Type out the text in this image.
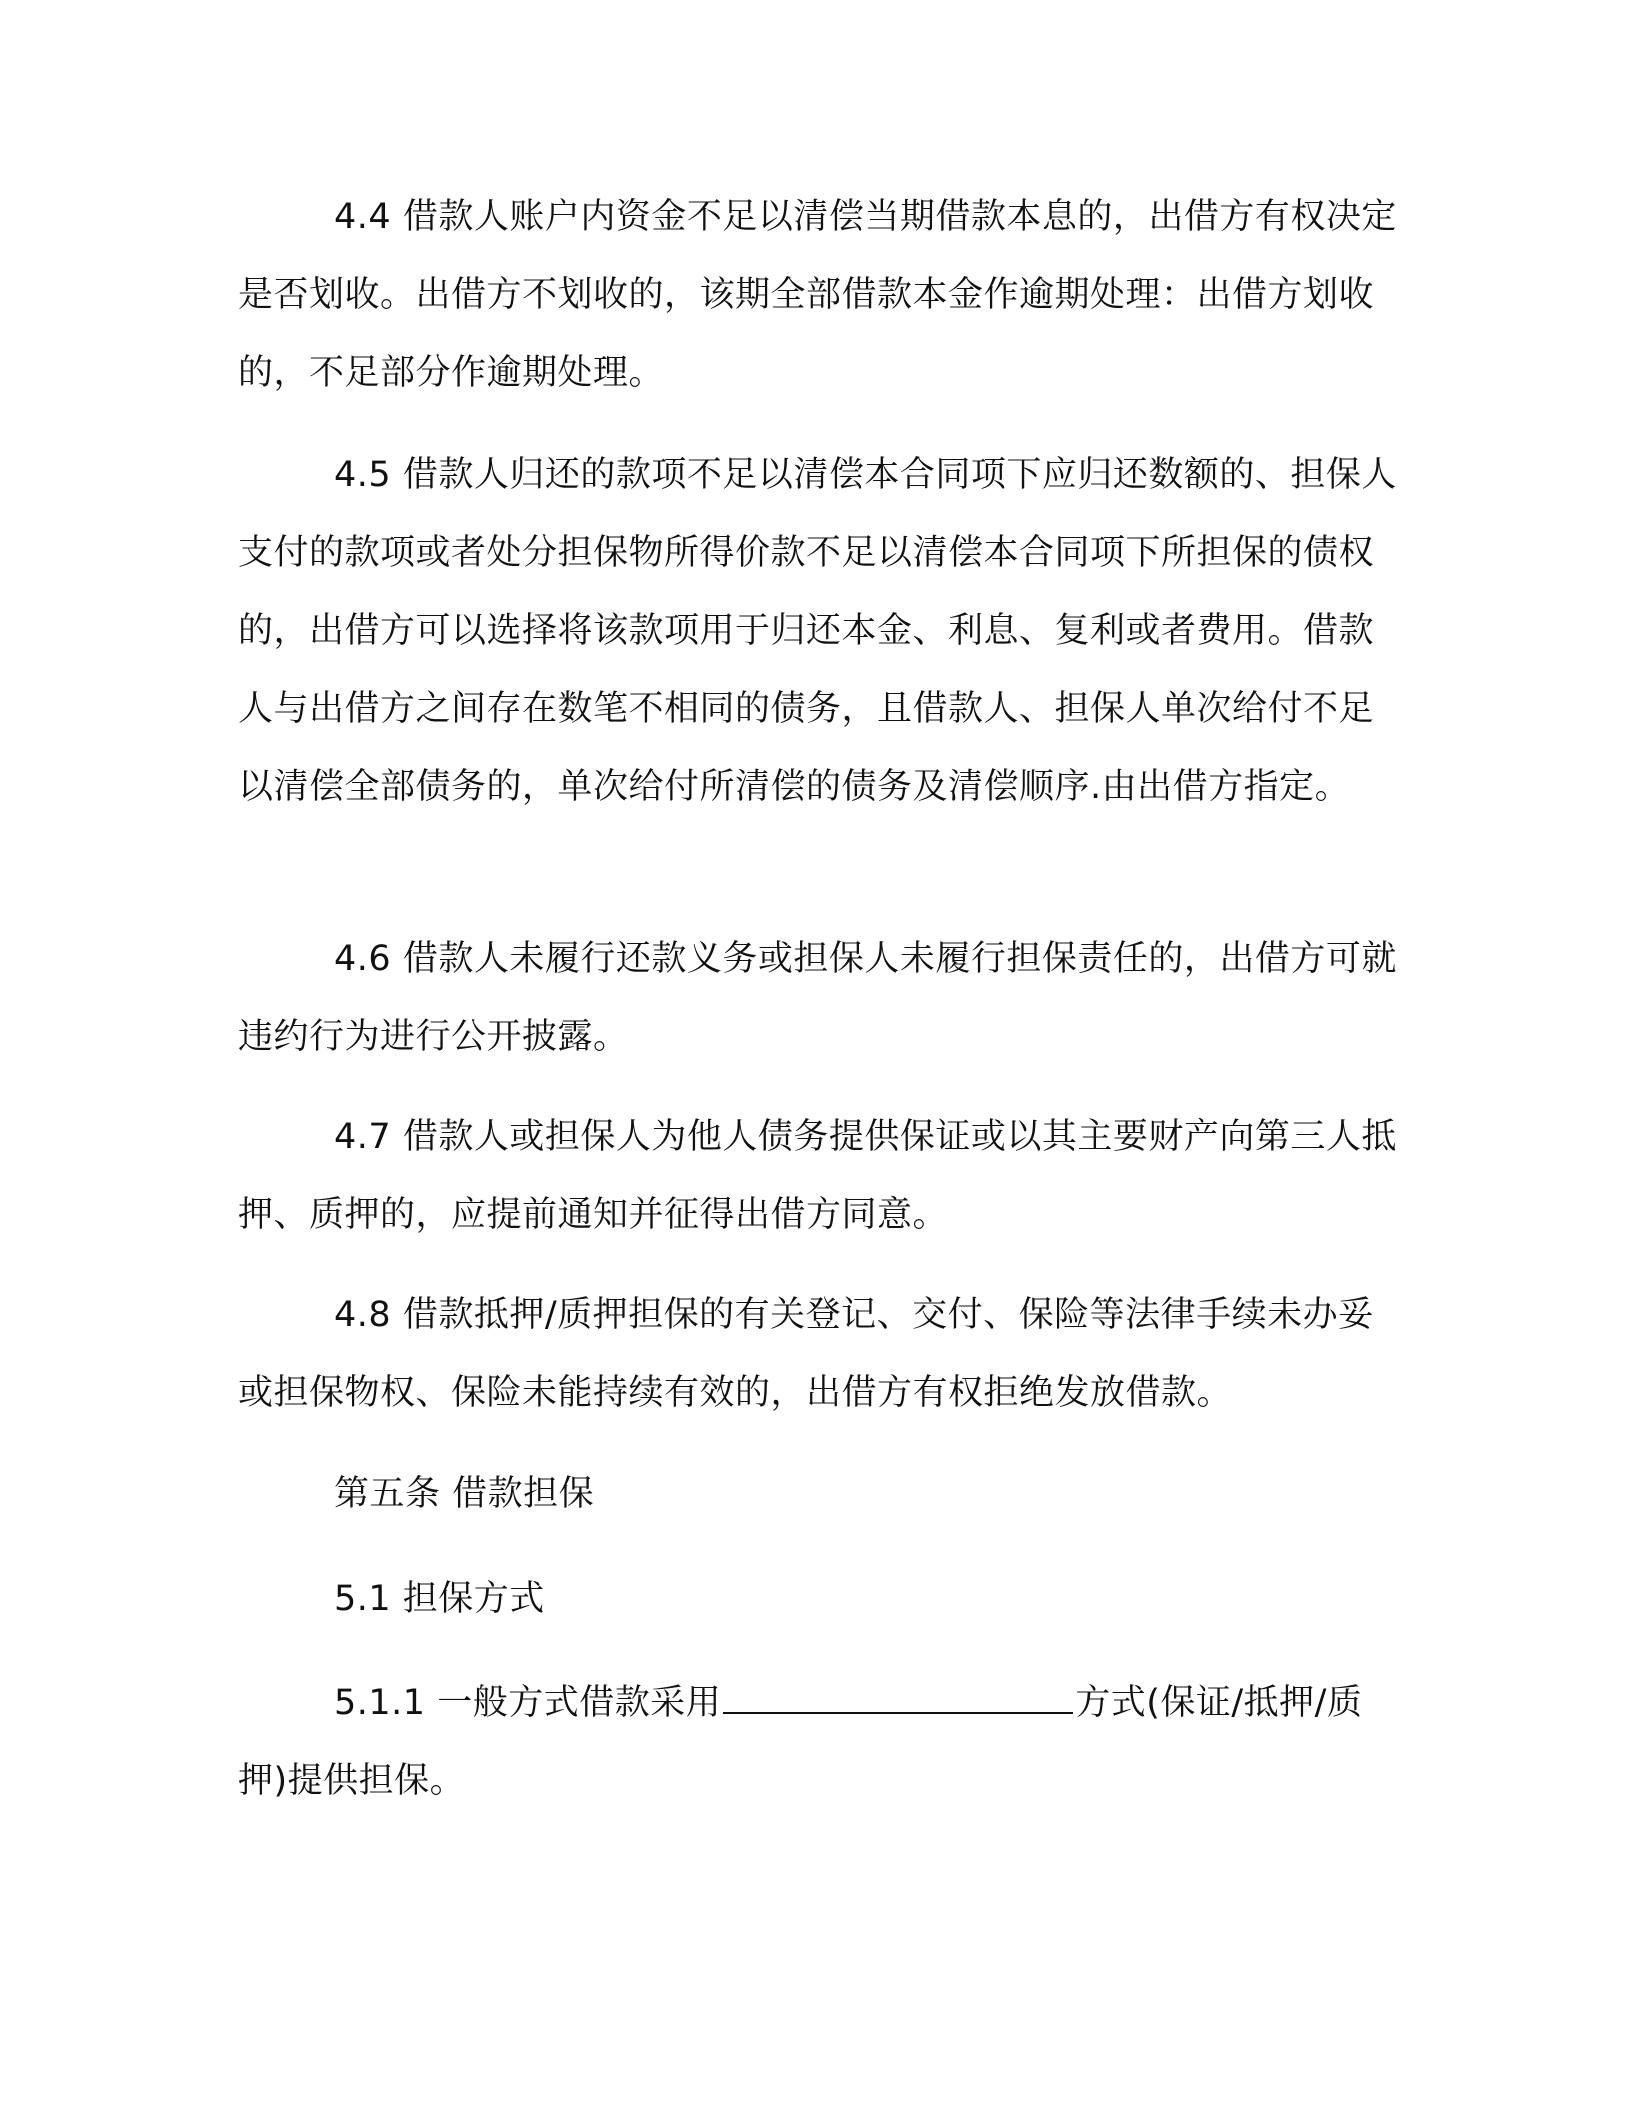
4.4 借款人账户内资金不足以清偿当期借款本息的，出借方有权决定是否划收。出借方不划收的，该期全部借款本金作逾期处理：出借方划收的，不足部分作逾期处理。

4.5 借款人归还的款项不足以清偿本合同项下应归还数额的、担保人支付的款项或者处分担保物所得价款不足以清偿本合同项下所担保的债权的，出借方可以选择将该款项用于归还本金、利息、复利或者费用。借款人与出借方之间存在数笔不相同的债务，且借款人、担保人单次给付不足以清偿全部债务的，单次给付所清偿的债务及清偿顺序.由出借方指定。

4.6 借款人未履行还款义务或担保人未履行担保责任的，出借方可就违约行为进行公开披露。

4.7 借款人或担保人为他人债务提供保证或以其主要财产向第三人抵押、质押的，应提前通知并征得出借方同意。

4.8 借款抵押/质押担保的有关登记、交付、保险等法律手续未办妥或担保物权、保险未能持续有效的，出借方有权拒绝发放借款。

第五条 借款担保

5.1 担保方式

5.1.1 一般方式借款采用	方式(保证/抵押/质押)提供担保。
